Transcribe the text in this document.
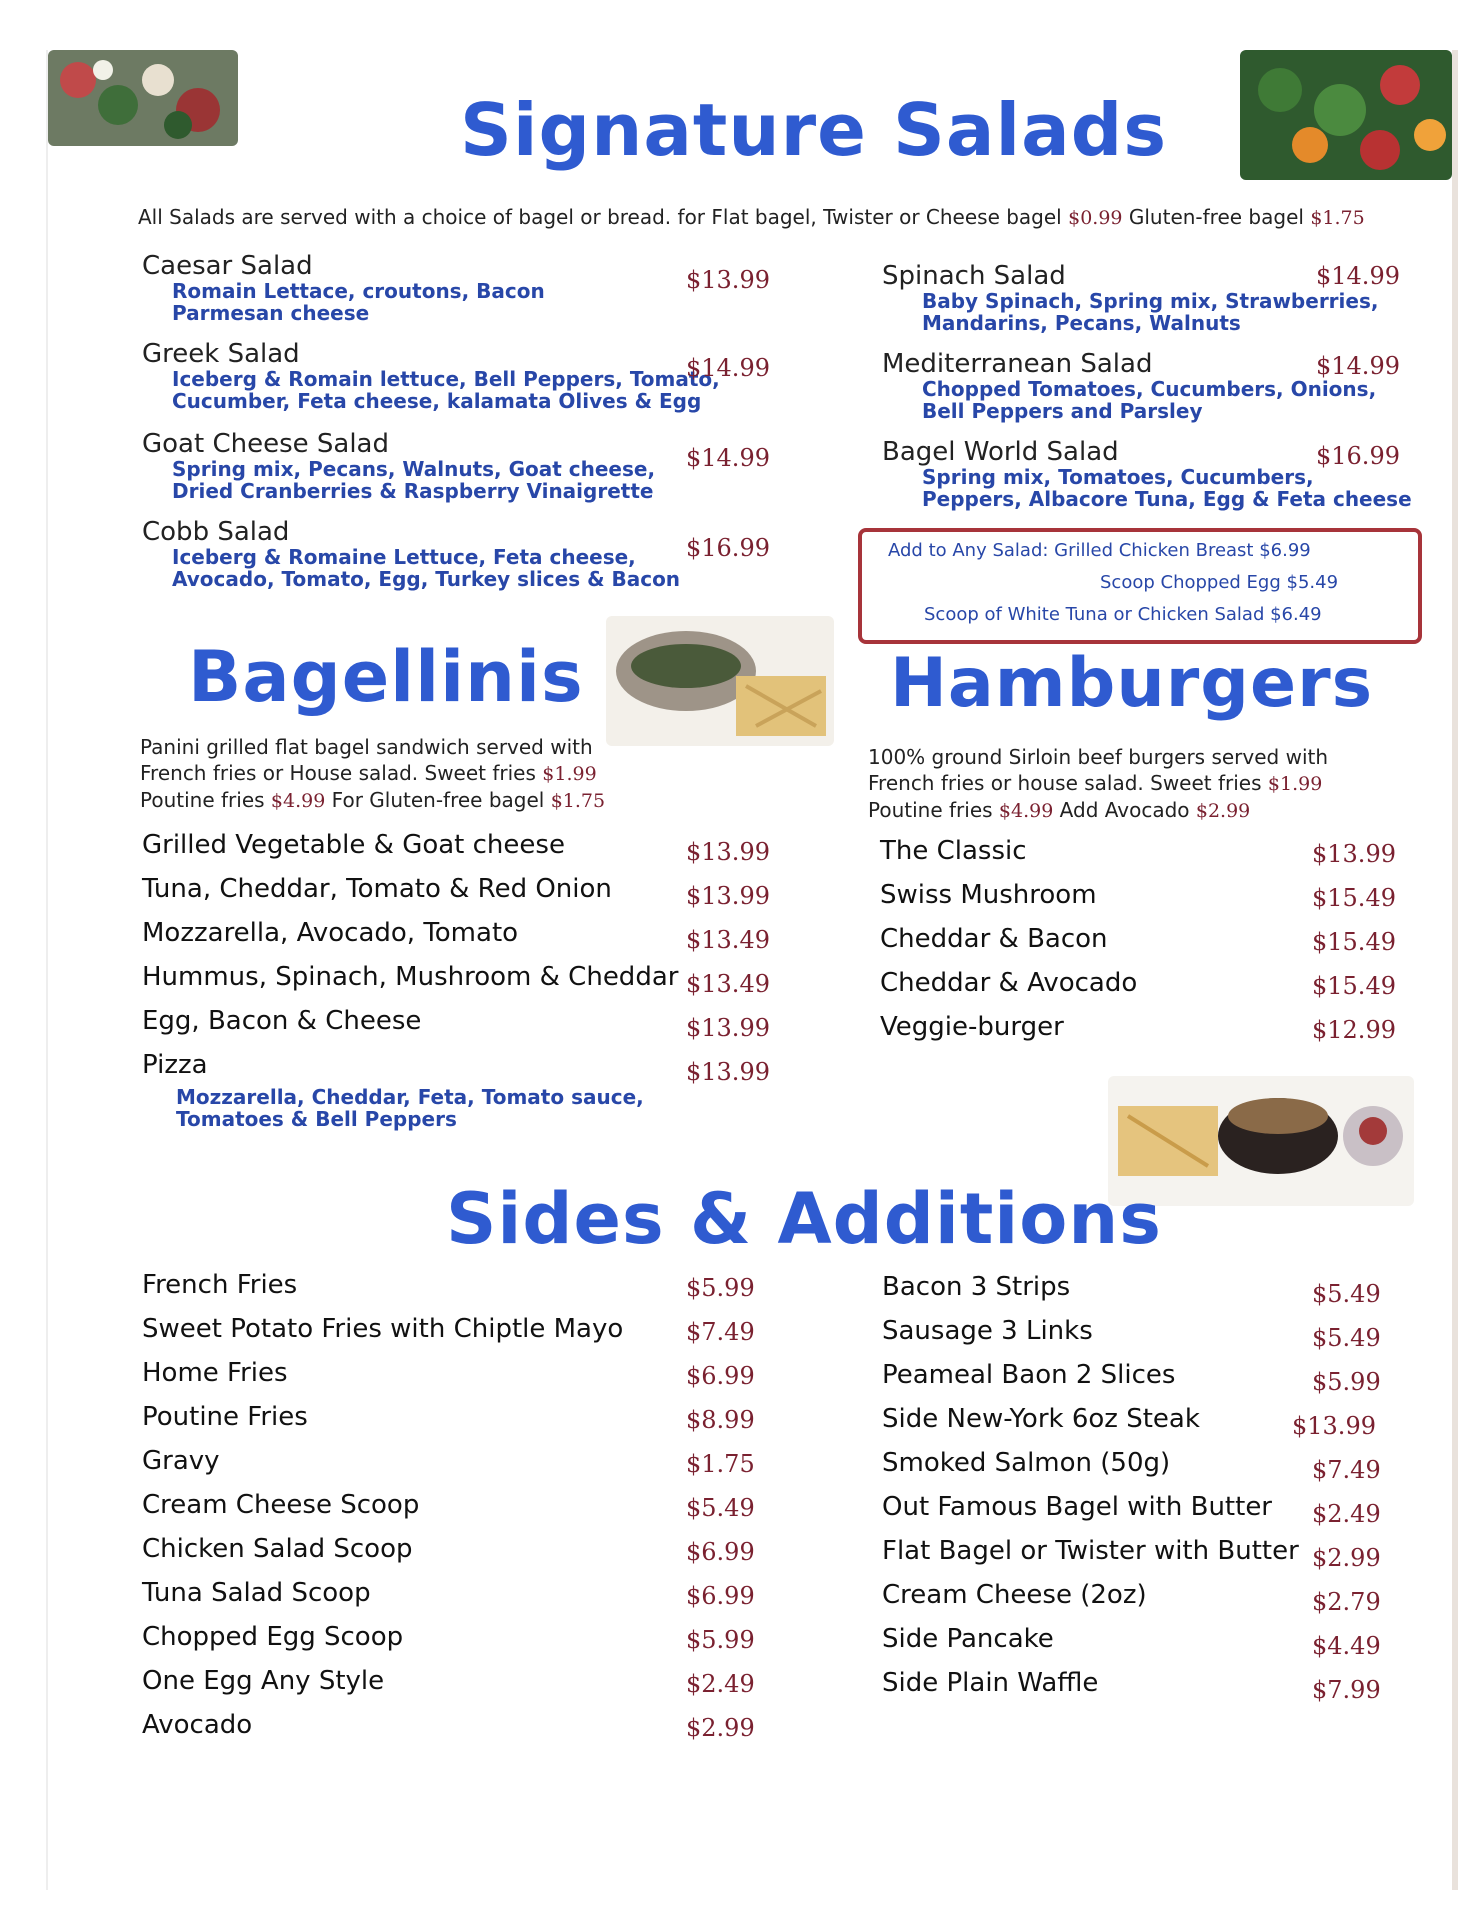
Signature Salads
All Salads are served with a choice of bagel or bread. for Flat bagel, Twister or Cheese bagel $0.99 Gluten-free bagel $1.75
Caesar Salad
Romain Lettace, croutons, Bacon
Parmesan cheese
$13.99
Greek Salad
Iceberg & Romain lettuce, Bell Peppers, Tomato,
Cucumber, Feta cheese, kalamata Olives & Egg
$14.99
Goat Cheese Salad
Spring mix, Pecans, Walnuts, Goat cheese,
Dried Cranberries & Raspberry Vinaigrette
$14.99
Cobb Salad
Iceberg & Romaine Lettuce, Feta cheese,
Avocado, Tomato, Egg, Turkey slices & Bacon
$16.99
Spinach Salad
Baby Spinach, Spring mix, Strawberries,
Mandarins, Pecans, Walnuts
$14.99
Mediterranean Salad
Chopped Tomatoes, Cucumbers, Onions,
Bell Peppers and Parsley
$14.99
Bagel World Salad
Spring mix, Tomatoes, Cucumbers,
Peppers, Albacore Tuna, Egg & Feta cheese
$16.99
Add to Any Salad: Grilled Chicken Breast $6.99
Scoop Chopped Egg $5.49
Scoop of White Tuna or Chicken Salad $6.49
Bagellinis
Panini grilled flat bagel sandwich served with
French fries or House salad. Sweet fries $1.99
Poutine fries $4.99 For Gluten-free bagel $1.75
Grilled Vegetable & Goat cheese	$13.99
Tuna, Cheddar, Tomato & Red Onion	$13.99
Mozzarella, Avocado, Tomato	$13.49
Hummus, Spinach, Mushroom & Cheddar $13.49
Egg, Bacon & Cheese	$13.99
Pizza	$13.99
Mozzarella, Cheddar, Feta, Tomato sauce,
Tomatoes & Bell Peppers
Hamburgers
100% ground Sirloin beef burgers served with
French fries or house salad. Sweet fries $1.99
Poutine fries $4.99 Add Avocado $2.99
The Classic	$13.99
Swiss Mushroom	$15.49
Cheddar & Bacon	$15.49
Cheddar & Avocado	$15.49
Veggie-burger	$12.99
Sides & Additions
French Fries	$5.99
Sweet Potato Fries with Chiptle Mayo	$7.49
Home Fries	$6.99
Poutine Fries	$8.99
Gravy	$1.75
Cream Cheese Scoop	$5.49
Chicken Salad Scoop	$6.99
Tuna Salad Scoop	$6.99
Chopped Egg Scoop	$5.99
One Egg Any Style	$2.49
Avocado	$2.99
Bacon 3 Strips	$5.49
Sausage 3 Links	$5.49
Peameal Baon 2 Slices	$5.99
Side New-York 6oz Steak	$13.99
Smoked Salmon (50g)	$7.49
Out Famous Bagel with Butter $2.49
Flat Bagel or Twister with Butter $2.99
Cream Cheese (2oz)	$2.79
Side Pancake	$4.49
Side Plain Waffle	$7.99
